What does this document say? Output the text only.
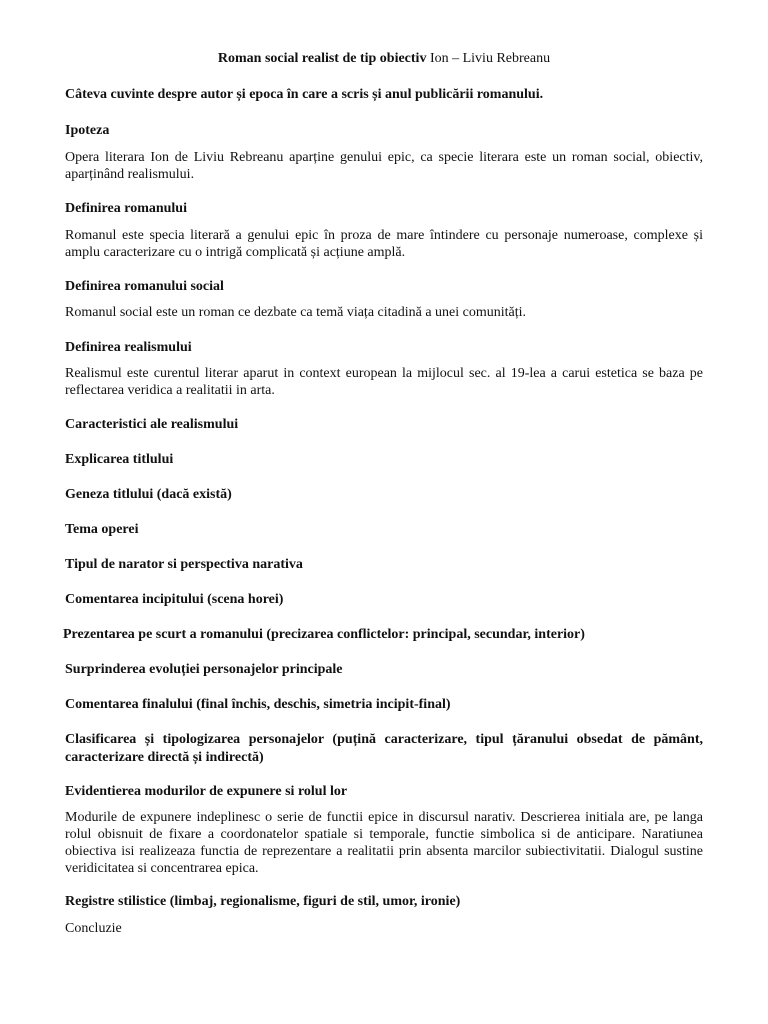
Roman social realist de tip obiectiv Ion – Liviu Rebreanu

Câteva cuvinte despre autor și epoca în care a scris și anul publicării romanului.

Ipoteza

Opera literara Ion de Liviu Rebreanu aparține genului epic, ca specie literara este un roman social, obiectiv, aparținând realismului.

Definirea romanului

Romanul este specia literară a genului epic în proza de mare întindere cu personaje numeroase, complexe și amplu caracterizare cu o intrigă complicată și acțiune amplă.

Definirea romanului social

Romanul social este un roman ce dezbate ca temă viața citadină a unei comunități.

Definirea realismului

Realismul este curentul literar aparut in context european la mijlocul sec. al 19-lea a carui estetica se baza pe reflectarea veridica a realitatii in arta.

Caracteristici ale realismului

Explicarea titlului

Geneza titlului (dacă există)

Tema operei

Tipul de narator si perspectiva narativa

Comentarea incipitului (scena horei)

Prezentarea pe scurt a romanului (precizarea conflictelor: principal, secundar, interior)

Surprinderea evoluției personajelor principale

Comentarea finalului (final închis, deschis, simetria incipit-final)

Clasificarea și tipologizarea personajelor (puțină caracterizare, tipul țăranului obsedat de pământ, caracterizare directă și indirectă)

Evidentierea modurilor de expunere si rolul lor

Modurile de expunere indeplinesc o serie de functii epice in discursul narativ. Descrierea initiala are, pe langa rolul obisnuit de fixare a coordonatelor spatiale si temporale, functie simbolica si de anticipare. Naratiunea obiectiva isi realizeaza functia de reprezentare a realitatii prin absenta marcilor subiectivitatii. Dialogul sustine veridicitatea si concentrarea epica.

Registre stilistice (limbaj, regionalisme, figuri de stil, umor, ironie)

Concluzie
